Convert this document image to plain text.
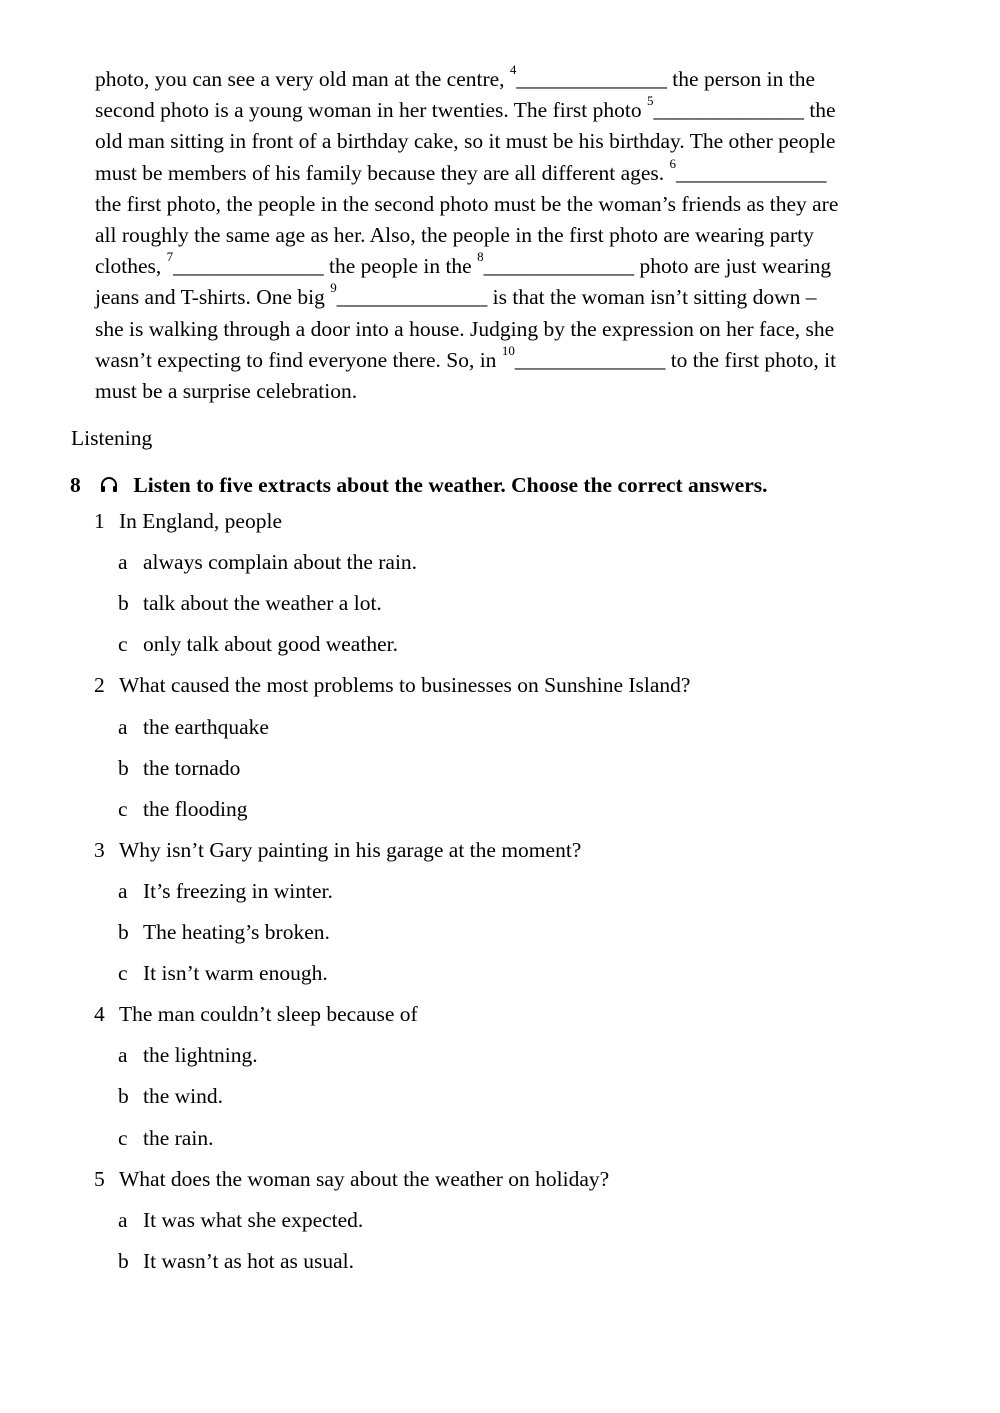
photo, you can see a very old man at the centre, $^4$______________ the person in the
second photo is a young woman in her twenties. The first photo $^5$______________ the
old man sitting in front of a birthday cake, so it must be his birthday. The other people
must be members of his family because they are all different ages. $^6$______________
the first photo, the people in the second photo must be the woman’s friends as they are
all roughly the same age as her. Also, the people in the first photo are wearing party
clothes, $^7$______________ the people in the $^8$______________ photo are just wearing
jeans and T-shirts. One big $^9$______________ is that the woman isn’t sitting down –
she is walking through a door into a house. Judging by the expression on her face, she
wasn’t expecting to find everyone there. So, in $^{10}$______________ to the first photo, it
must be a surprise celebration.
Listening
8 Listen to five extracts about the weather. Choose the correct answers.
1 In England, people
a always complain about the rain.
b talk about the weather a lot.
c only talk about good weather.
2 What caused the most problems to businesses on Sunshine Island?
a the earthquake
b the tornado
c the flooding
3 Why isn’t Gary painting in his garage at the moment?
a It’s freezing in winter.
b The heating’s broken.
c It isn’t warm enough.
4 The man couldn’t sleep because of
a the lightning.
b the wind.
c the rain.
5 What does the woman say about the weather on holiday?
a It was what she expected.
b It wasn’t as hot as usual.
